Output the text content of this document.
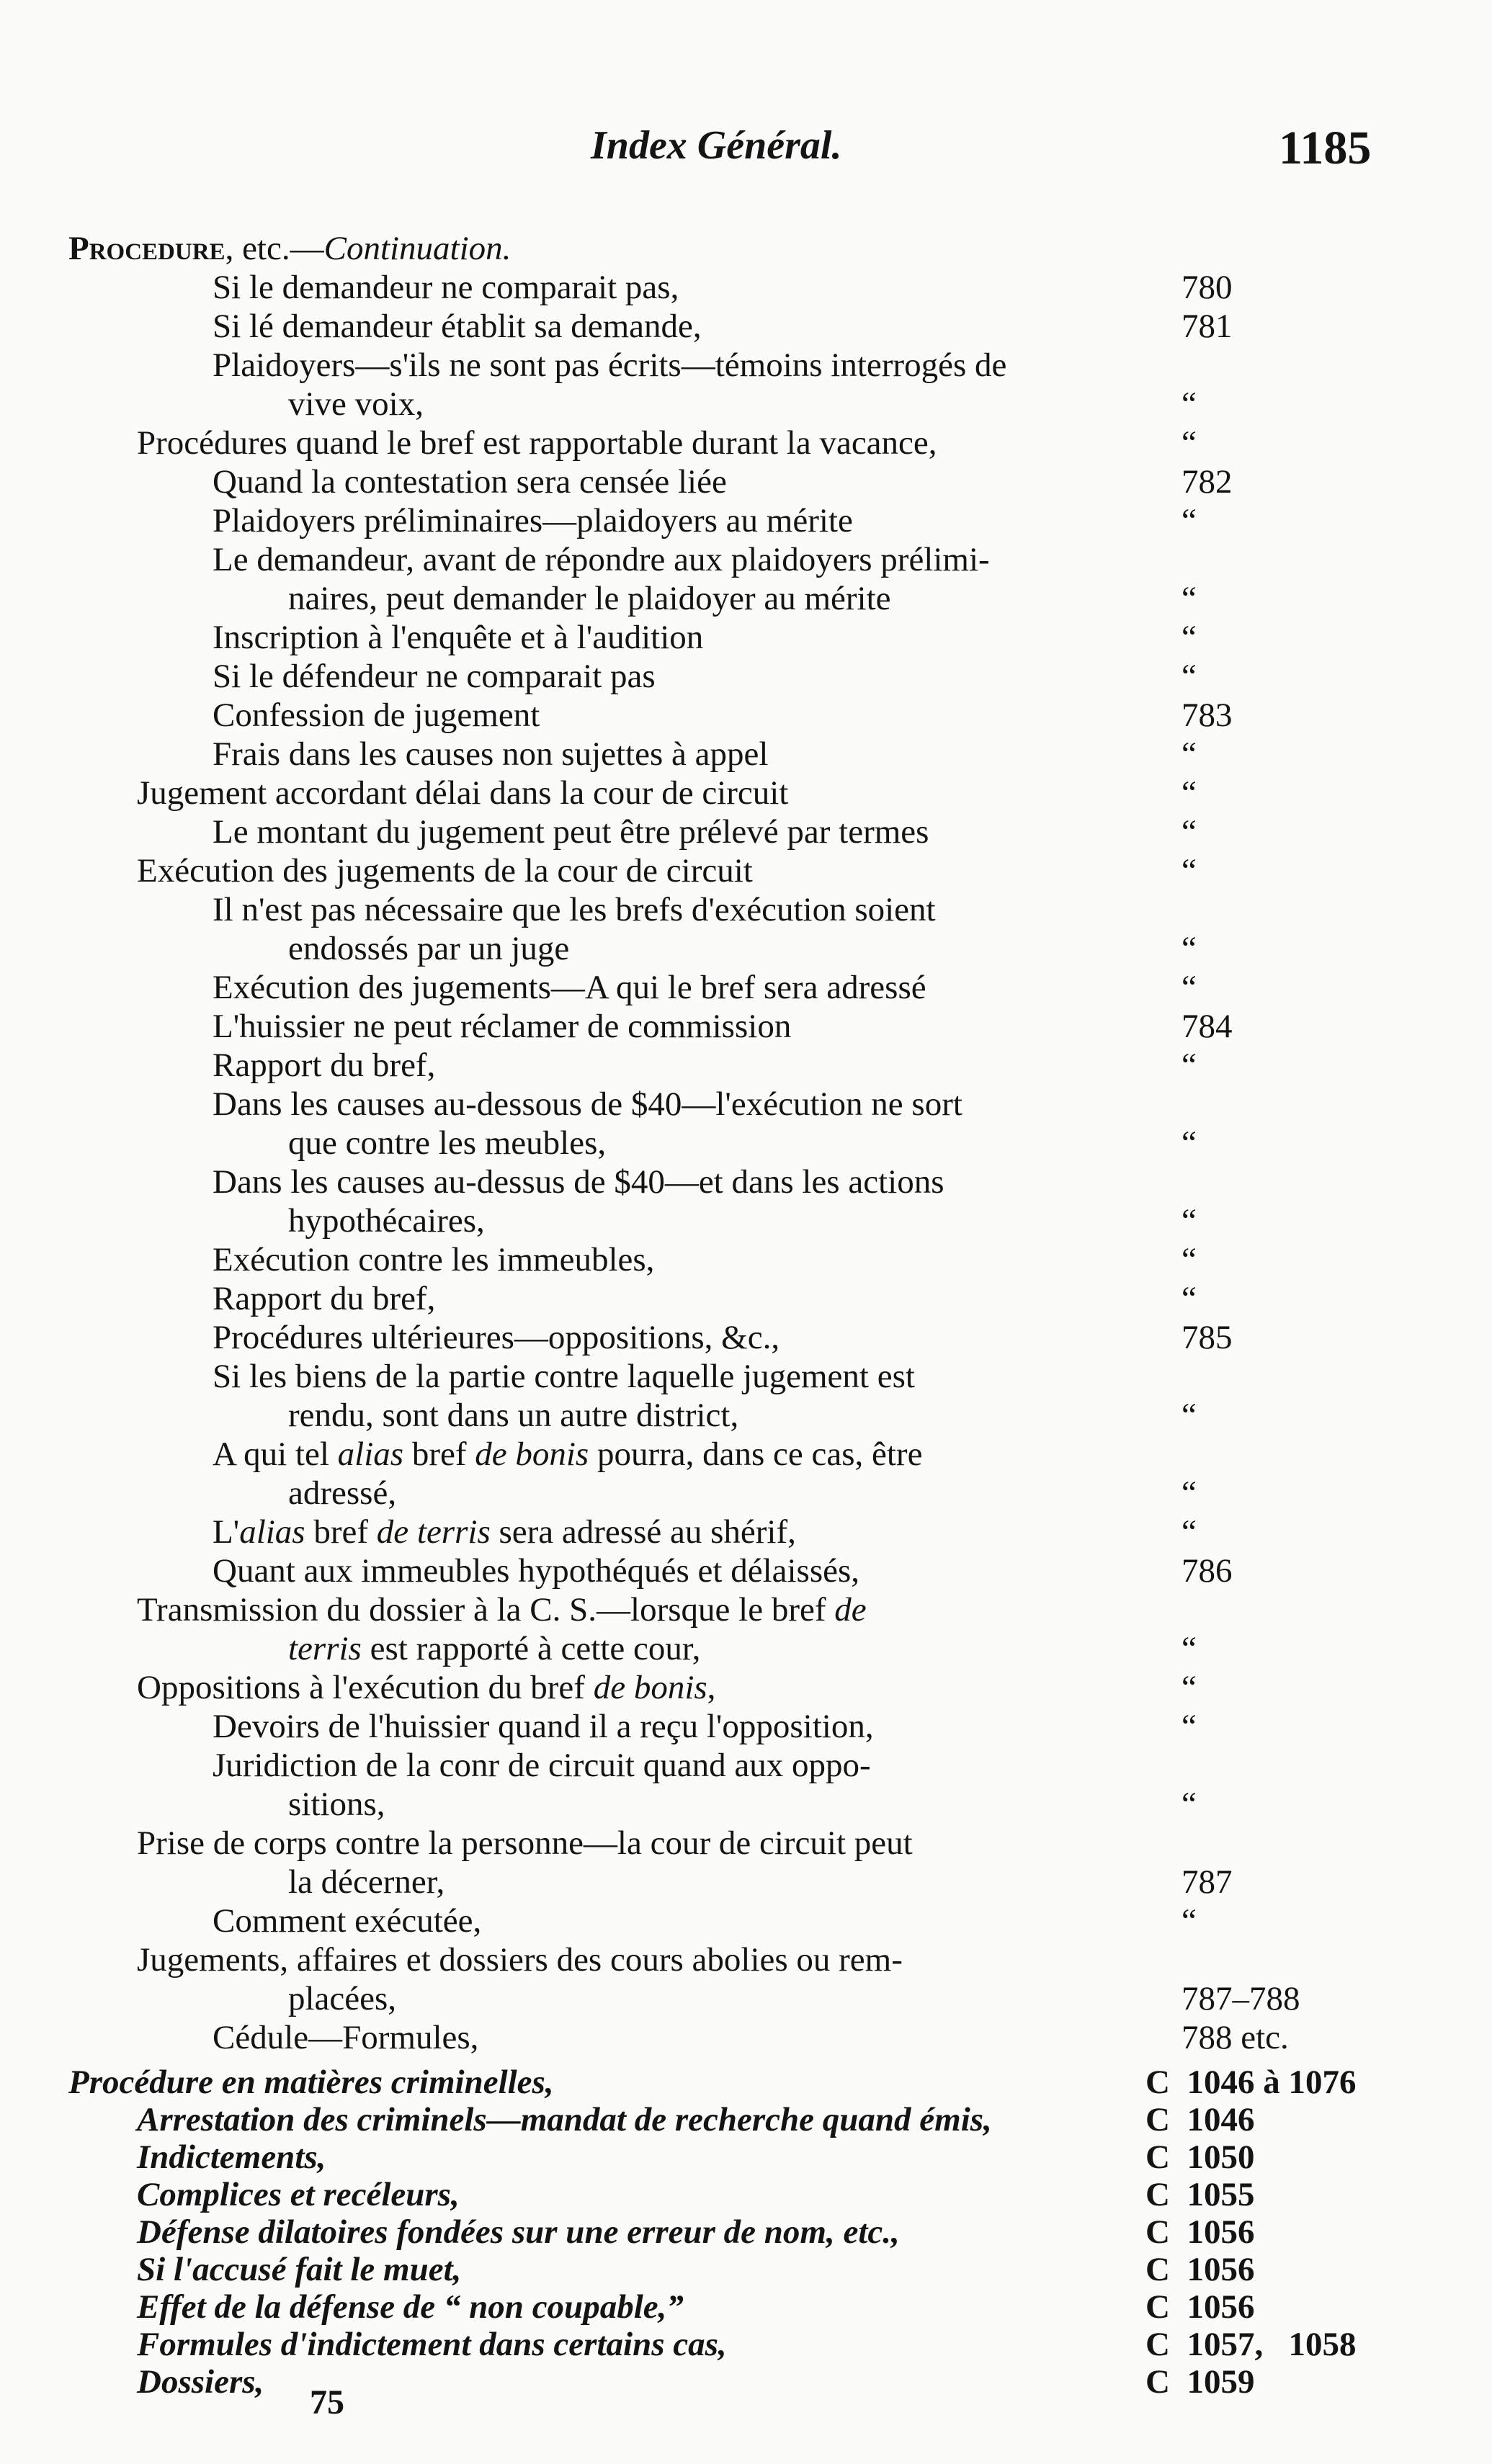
Index Général.	1185
Procedure, etc.—Continuation.
Si le demandeur ne comparait pas,	780
Si lé demandeur établit sa demande,	781
Plaidoyers—s'ils ne sont pas écrits—témoins interrogés de
vive voix,	“
Procédures quand le bref est rapportable durant la vacance,	“
Quand la contestation sera censée liée	782
Plaidoyers préliminaires—plaidoyers au mérite	“
Le demandeur, avant de répondre aux plaidoyers prélimi-
naires, peut demander le plaidoyer au mérite	“
Inscription à l'enquête et à l'audition	“
Si le défendeur ne comparait pas	“
Confession de jugement	783
Frais dans les causes non sujettes à appel	“
Jugement accordant délai dans la cour de circuit	“
Le montant du jugement peut être prélevé par termes	“
Exécution des jugements de la cour de circuit	“
Il n'est pas nécessaire que les brefs d'exécution soient
endossés par un juge	“
Exécution des jugements—A qui le bref sera adressé	“
L'huissier ne peut réclamer de commission	784
Rapport du bref,	“
Dans les causes au-dessous de $40—l'exécution ne sort
que contre les meubles,	“
Dans les causes au-dessus de $40—et dans les actions
hypothécaires,	“
Exécution contre les immeubles,	“
Rapport du bref,	“
Procédures ultérieures—oppositions, &c.,	785
Si les biens de la partie contre laquelle jugement est
rendu, sont dans un autre district,	“
A qui tel alias bref de bonis pourra, dans ce cas, être
adressé,	“
L'alias bref de terris sera adressé au shérif,	“
Quant aux immeubles hypothéqués et délaissés,	786
Transmission du dossier à la C. S.—lorsque le bref de
terris est rapporté à cette cour,	“
Oppositions à l'exécution du bref de bonis,	“
Devoirs de l'huissier quand il a reçu l'opposition,	“
Juridiction de la conr de circuit quand aux oppo-
sitions,	“
Prise de corps contre la personne—la cour de circuit peut
la décerner,	787
Comment exécutée,	“
Jugements, affaires et dossiers des cours abolies ou rem-
placées,	787–788
Cédule—Formules,	788 etc.
Procédure en matières criminelles,	C  1046 à 1076
Arrestation des criminels—mandat de recherche quand émis,	C  1046
Indictements,	C  1050
Complices et recéleurs,	C  1055
Défense dilatoires fondées sur une erreur de nom, etc.,	C  1056
Si l'accusé fait le muet,	C  1056
Effet de la défense de “ non coupable,”	C  1056
Formules d'indictement dans certains cas,	C  1057,   1058
Dossiers,	C  1059
75
